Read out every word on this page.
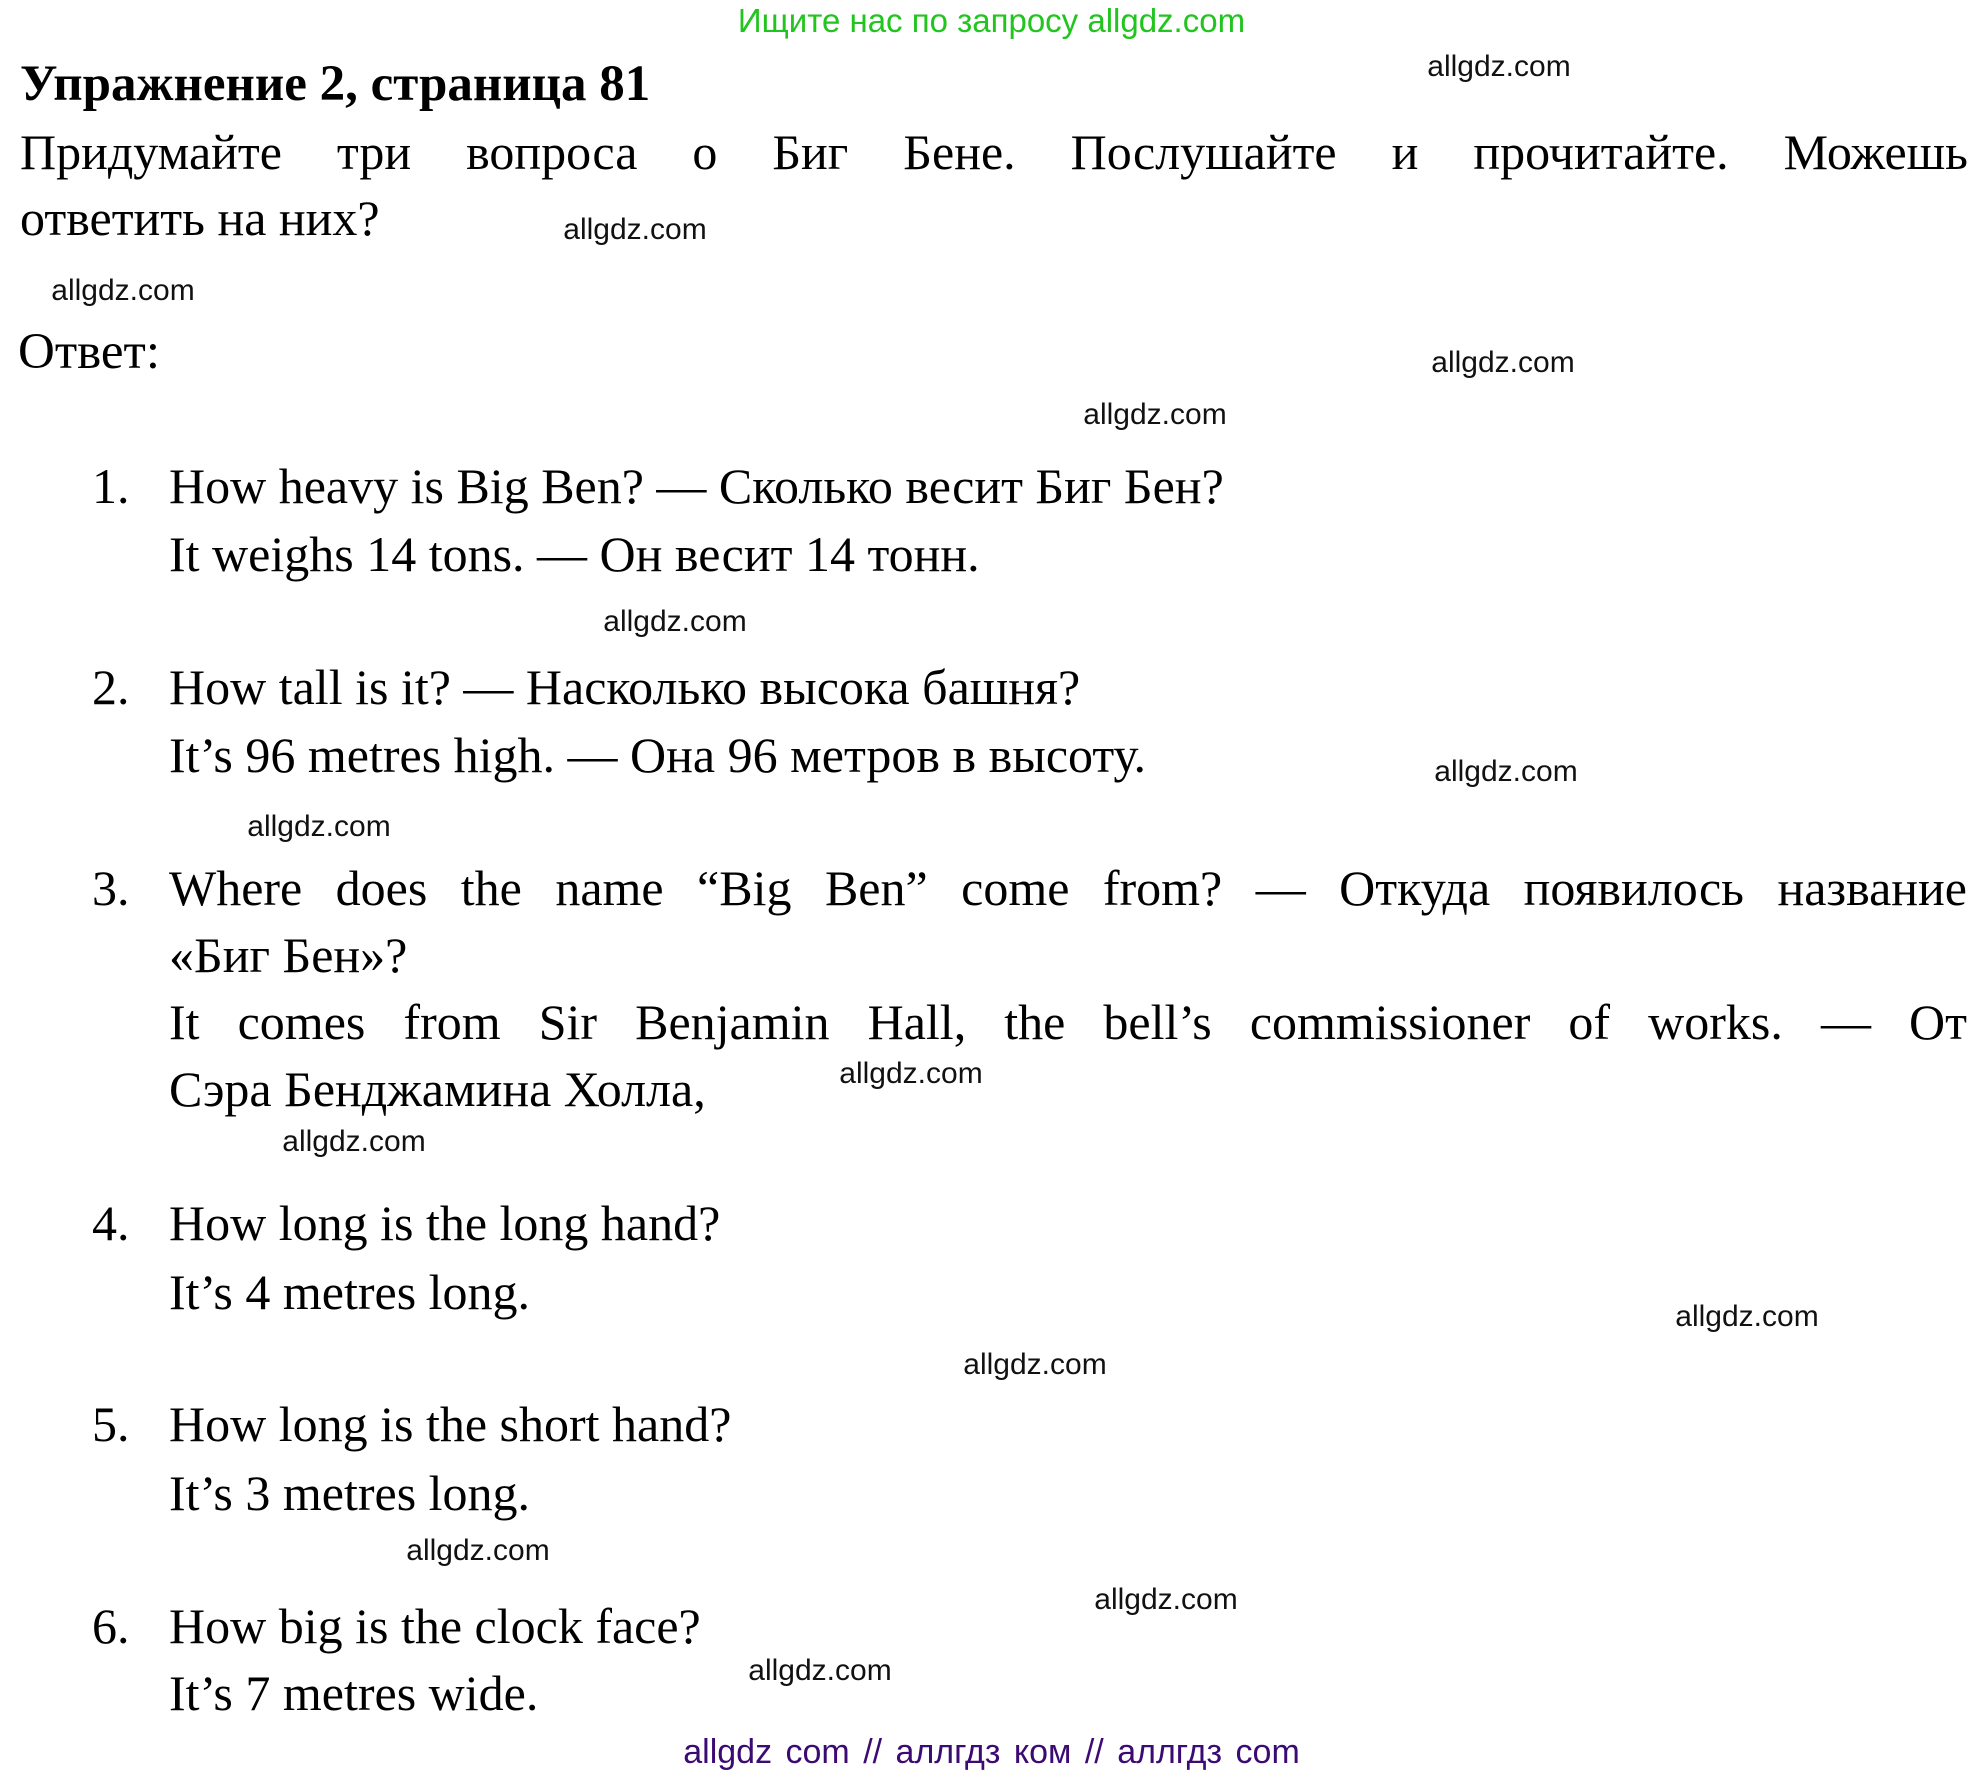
Ищите нас по запросу allgdz.com
Упражнение 2, страница 81
Придумайте три вопроса о Биг Бене. Послушайте и прочитайте. Можешь
ответить на них?
Ответ:
1. How heavy is Big Ben? — Сколько весит Биг Бен?
It weighs 14 tons. — Он весит 14 тонн.
2. How tall is it? — Насколько высока башня?
It’s 96 metres high. — Она 96 метров в высоту.
3. Where does the name “Big Ben” come from? — Откуда появилось название
«Биг Бен»?
It comes from Sir Benjamin Hall, the bell’s commissioner of works. — От
Сэра Бенджамина Холла,
4. How long is the long hand?
It’s 4 metres long.
5. How long is the short hand?
It’s 3 metres long.
6. How big is the clock face?
It’s 7 metres wide.
allgdz.com
allgdz.com
allgdz.com
allgdz.com
allgdz.com
allgdz.com
allgdz.com
allgdz.com
allgdz.com
allgdz.com
allgdz.com
allgdz.com
allgdz.com
allgdz.com
allgdz.com
allgdz com // аллгдз ком // аллгдз com
